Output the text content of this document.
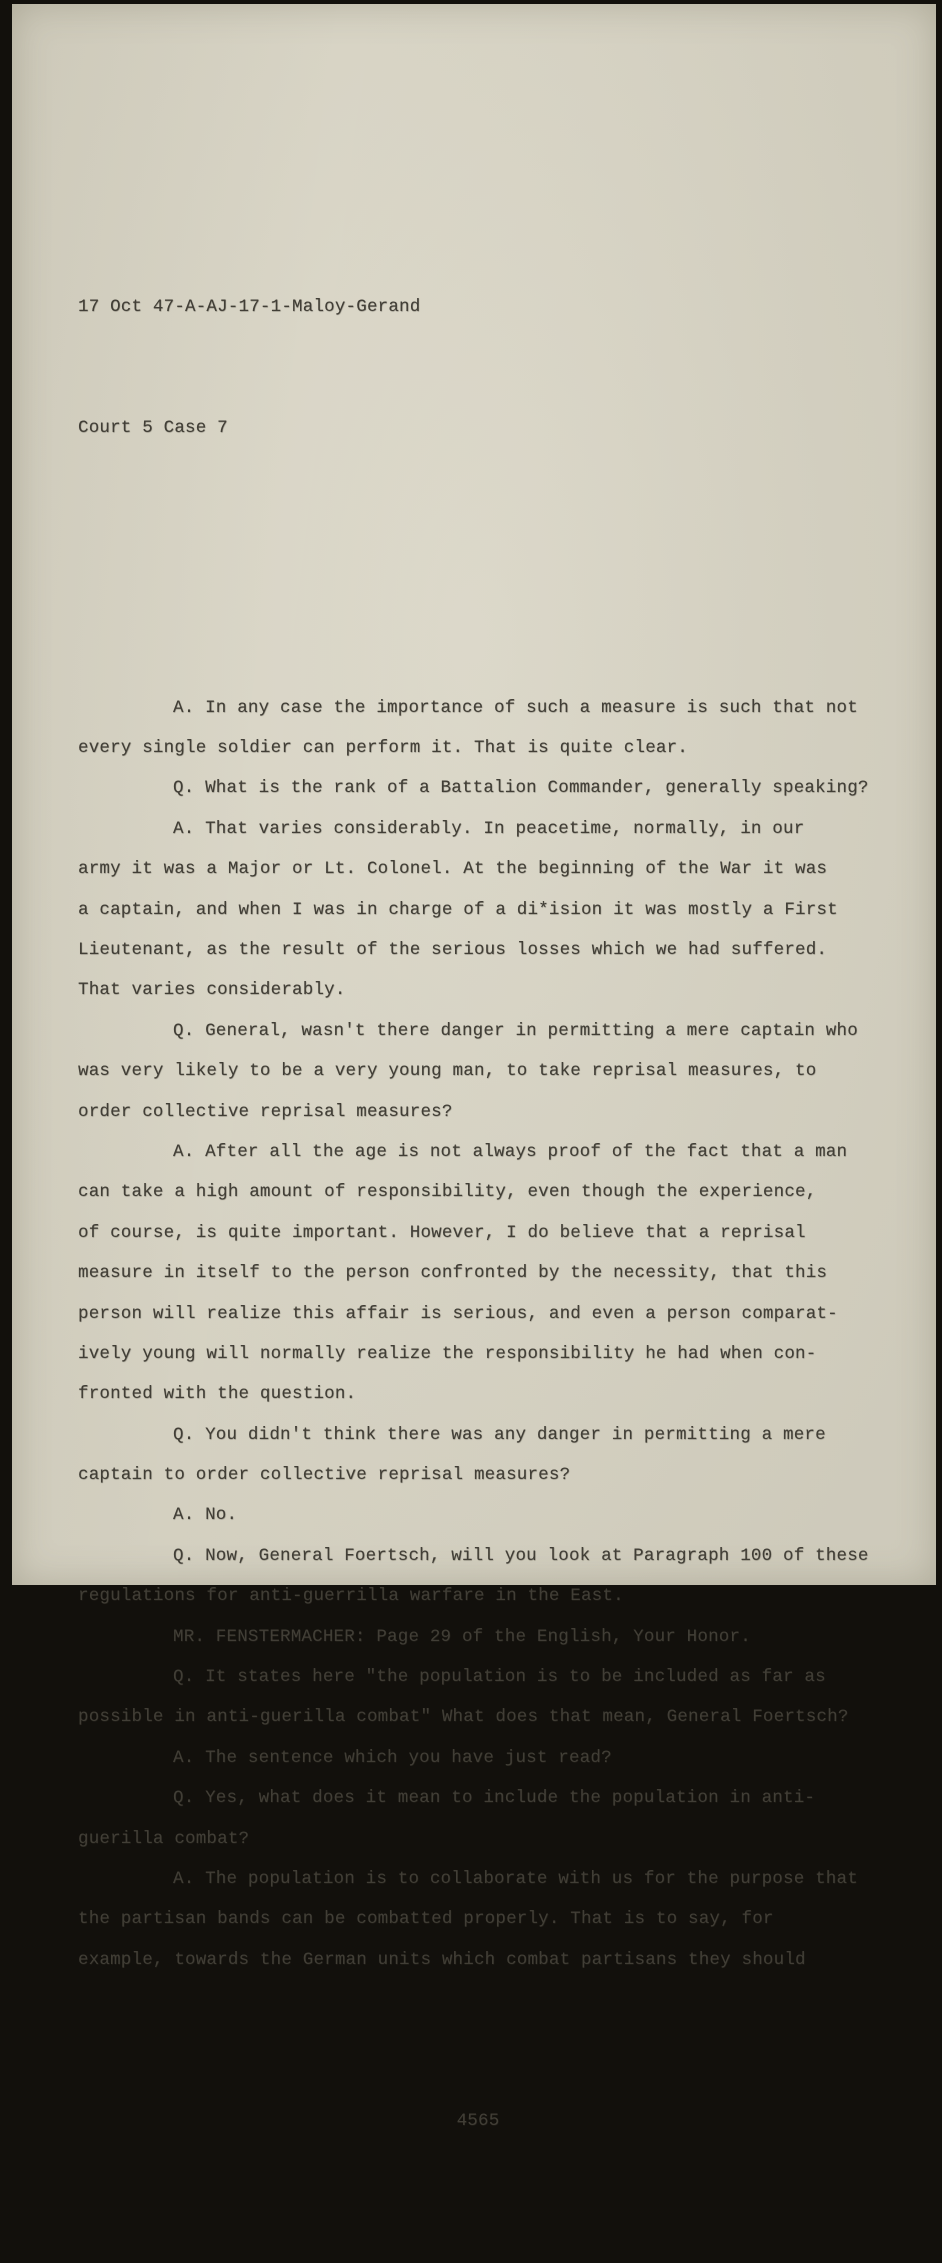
17 Oct 47-A-AJ-17-1-Maloy-Gerand

Court 5 Case 7

A. In any case the importance of such a measure is such that not
every single soldier can perform it. That is quite clear.
Q. What is the rank of a Battalion Commander, generally speaking?
A. That varies considerably. In peacetime, normally, in our
army it was a Major or Lt. Colonel. At the beginning of the War it was
a captain, and when I was in charge of a di*ision it was mostly a First
Lieutenant, as the result of the serious losses which we had suffered.
That varies considerably.
Q. General, wasn't there danger in permitting a mere captain who
was very likely to be a very young man, to take reprisal measures, to
order collective reprisal measures?
A. After all the age is not always proof of the fact that a man
can take a high amount of responsibility, even though the experience,
of course, is quite important. However, I do believe that a reprisal
measure in itself to the person confronted by the necessity, that this
person will realize this affair is serious, and even a person comparat-
ively young will normally realize the responsibility he had when con-
fronted with the question.
Q. You didn't think there was any danger in permitting a mere
captain to order collective reprisal measures?
A. No.
Q. Now, General Foertsch, will you look at Paragraph 100 of these
regulations for anti-guerrilla warfare in the East.
MR. FENSTERMACHER: Page 29 of the English, Your Honor.
Q. It states here "the population is to be included as far as
possible in anti-guerilla combat" What does that mean, General Foertsch?
A. The sentence which you have just read?
Q. Yes, what does it mean to include the population in anti-
guerilla combat?
A. The population is to collaborate with us for the purpose that
the partisan bands can be combatted properly. That is to say, for
example, towards the German units which combat partisans they should

4565
